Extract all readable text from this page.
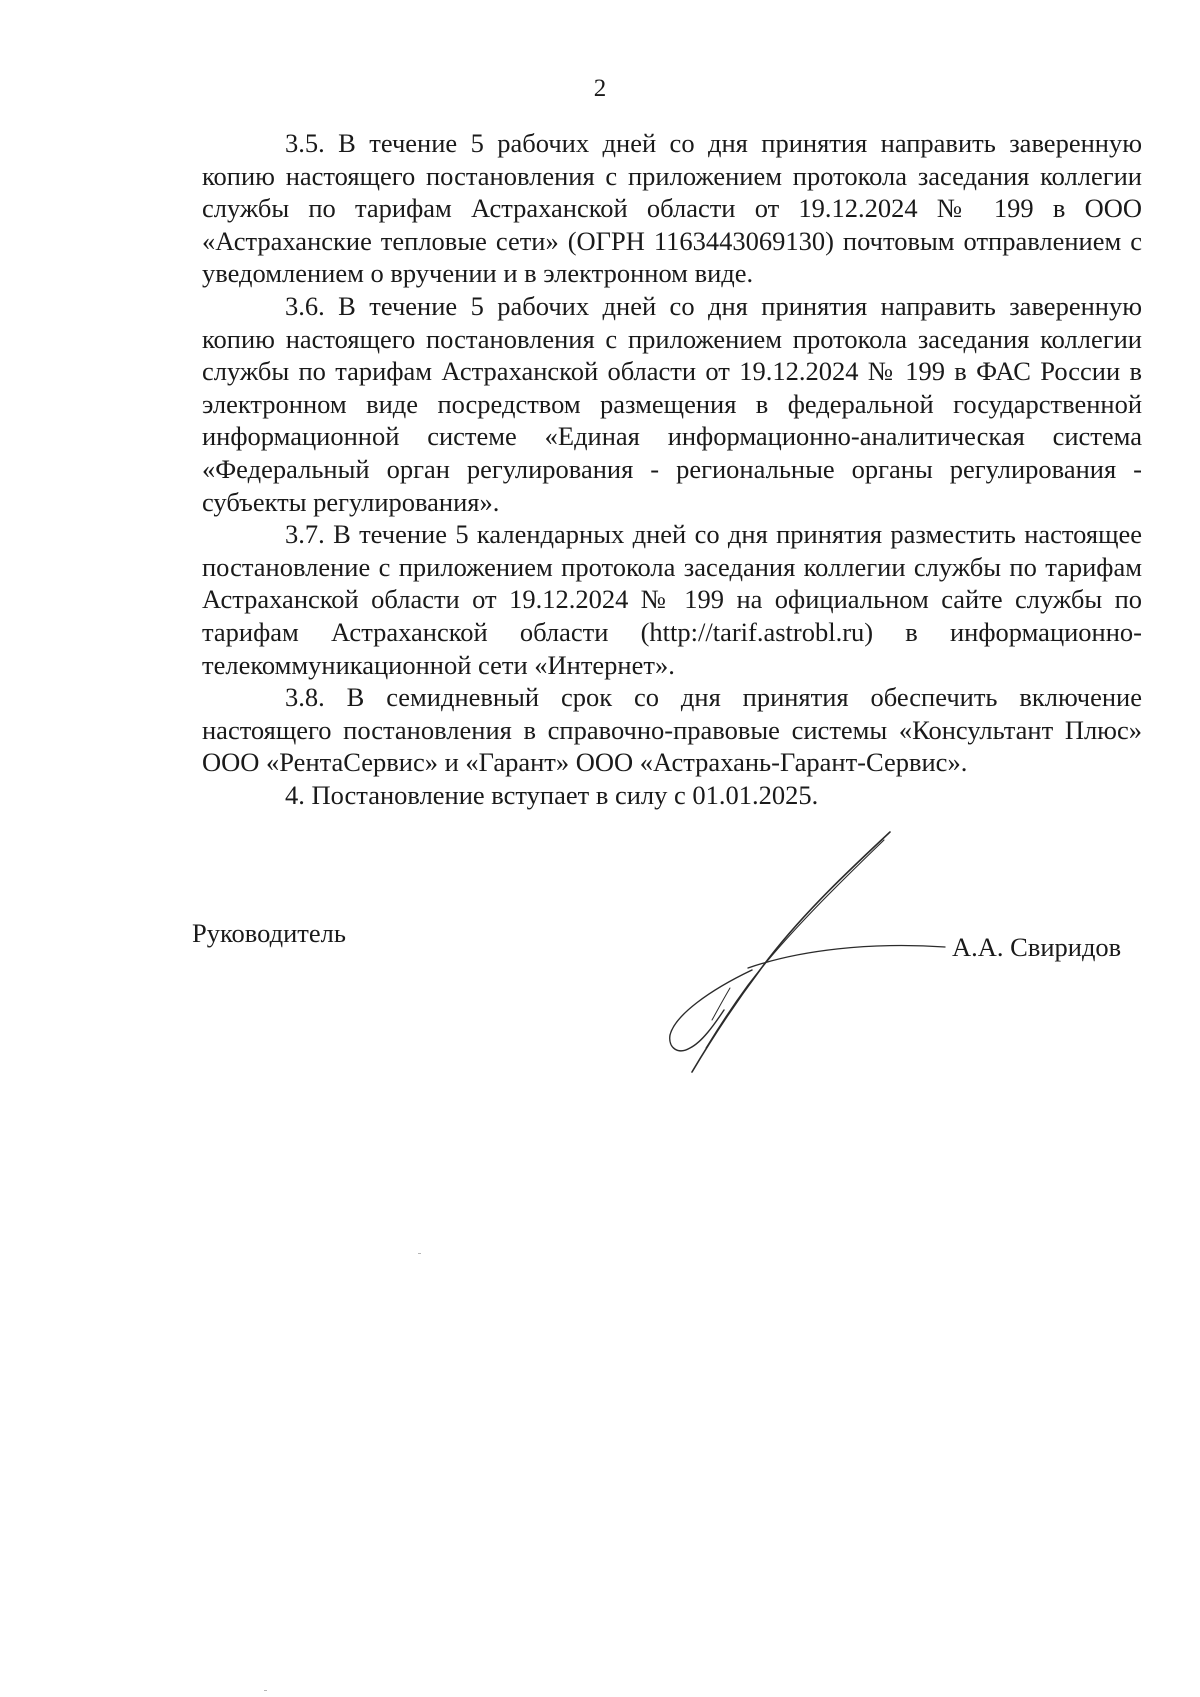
2

3.5. В течение 5 рабочих дней со дня принятия направить заверенную копию настоящего постановления с приложением протокола заседания коллегии службы по тарифам Астраханской области от 19.12.2024 № 199 в ООО «Астраханские тепловые сети» (ОГРН 1163443069130) почтовым отправлением с уведомлением о вручении и в электронном виде.

3.6. В течение 5 рабочих дней со дня принятия направить заверенную копию настоящего постановления с приложением протокола заседания коллегии службы по тарифам Астраханской области от 19.12.2024 № 199 в ФАС России в электронном виде посредством размещения в федеральной государственной информационной системе «Единая информационно-аналитическая система «Федеральный орган регулирования - региональные органы регулирования - субъекты регулирования».

3.7. В течение 5 календарных дней со дня принятия разместить настоящее постановление с приложением протокола заседания коллегии службы по тарифам Астраханской области от 19.12.2024 № 199 на официальном сайте службы по тарифам Астраханской области (http://tarif.astrobl.ru) в информационно-телекоммуникационной сети «Интернет».

3.8. В семидневный срок со дня принятия обеспечить включение настоящего постановления в справочно-правовые системы «Консультант Плюс» ООО «РентаСервис» и «Гарант» ООО «Астрахань-Гарант-Сервис».

4. Постановление вступает в силу с 01.01.2025.

Руководитель	А.А. Свиридов
